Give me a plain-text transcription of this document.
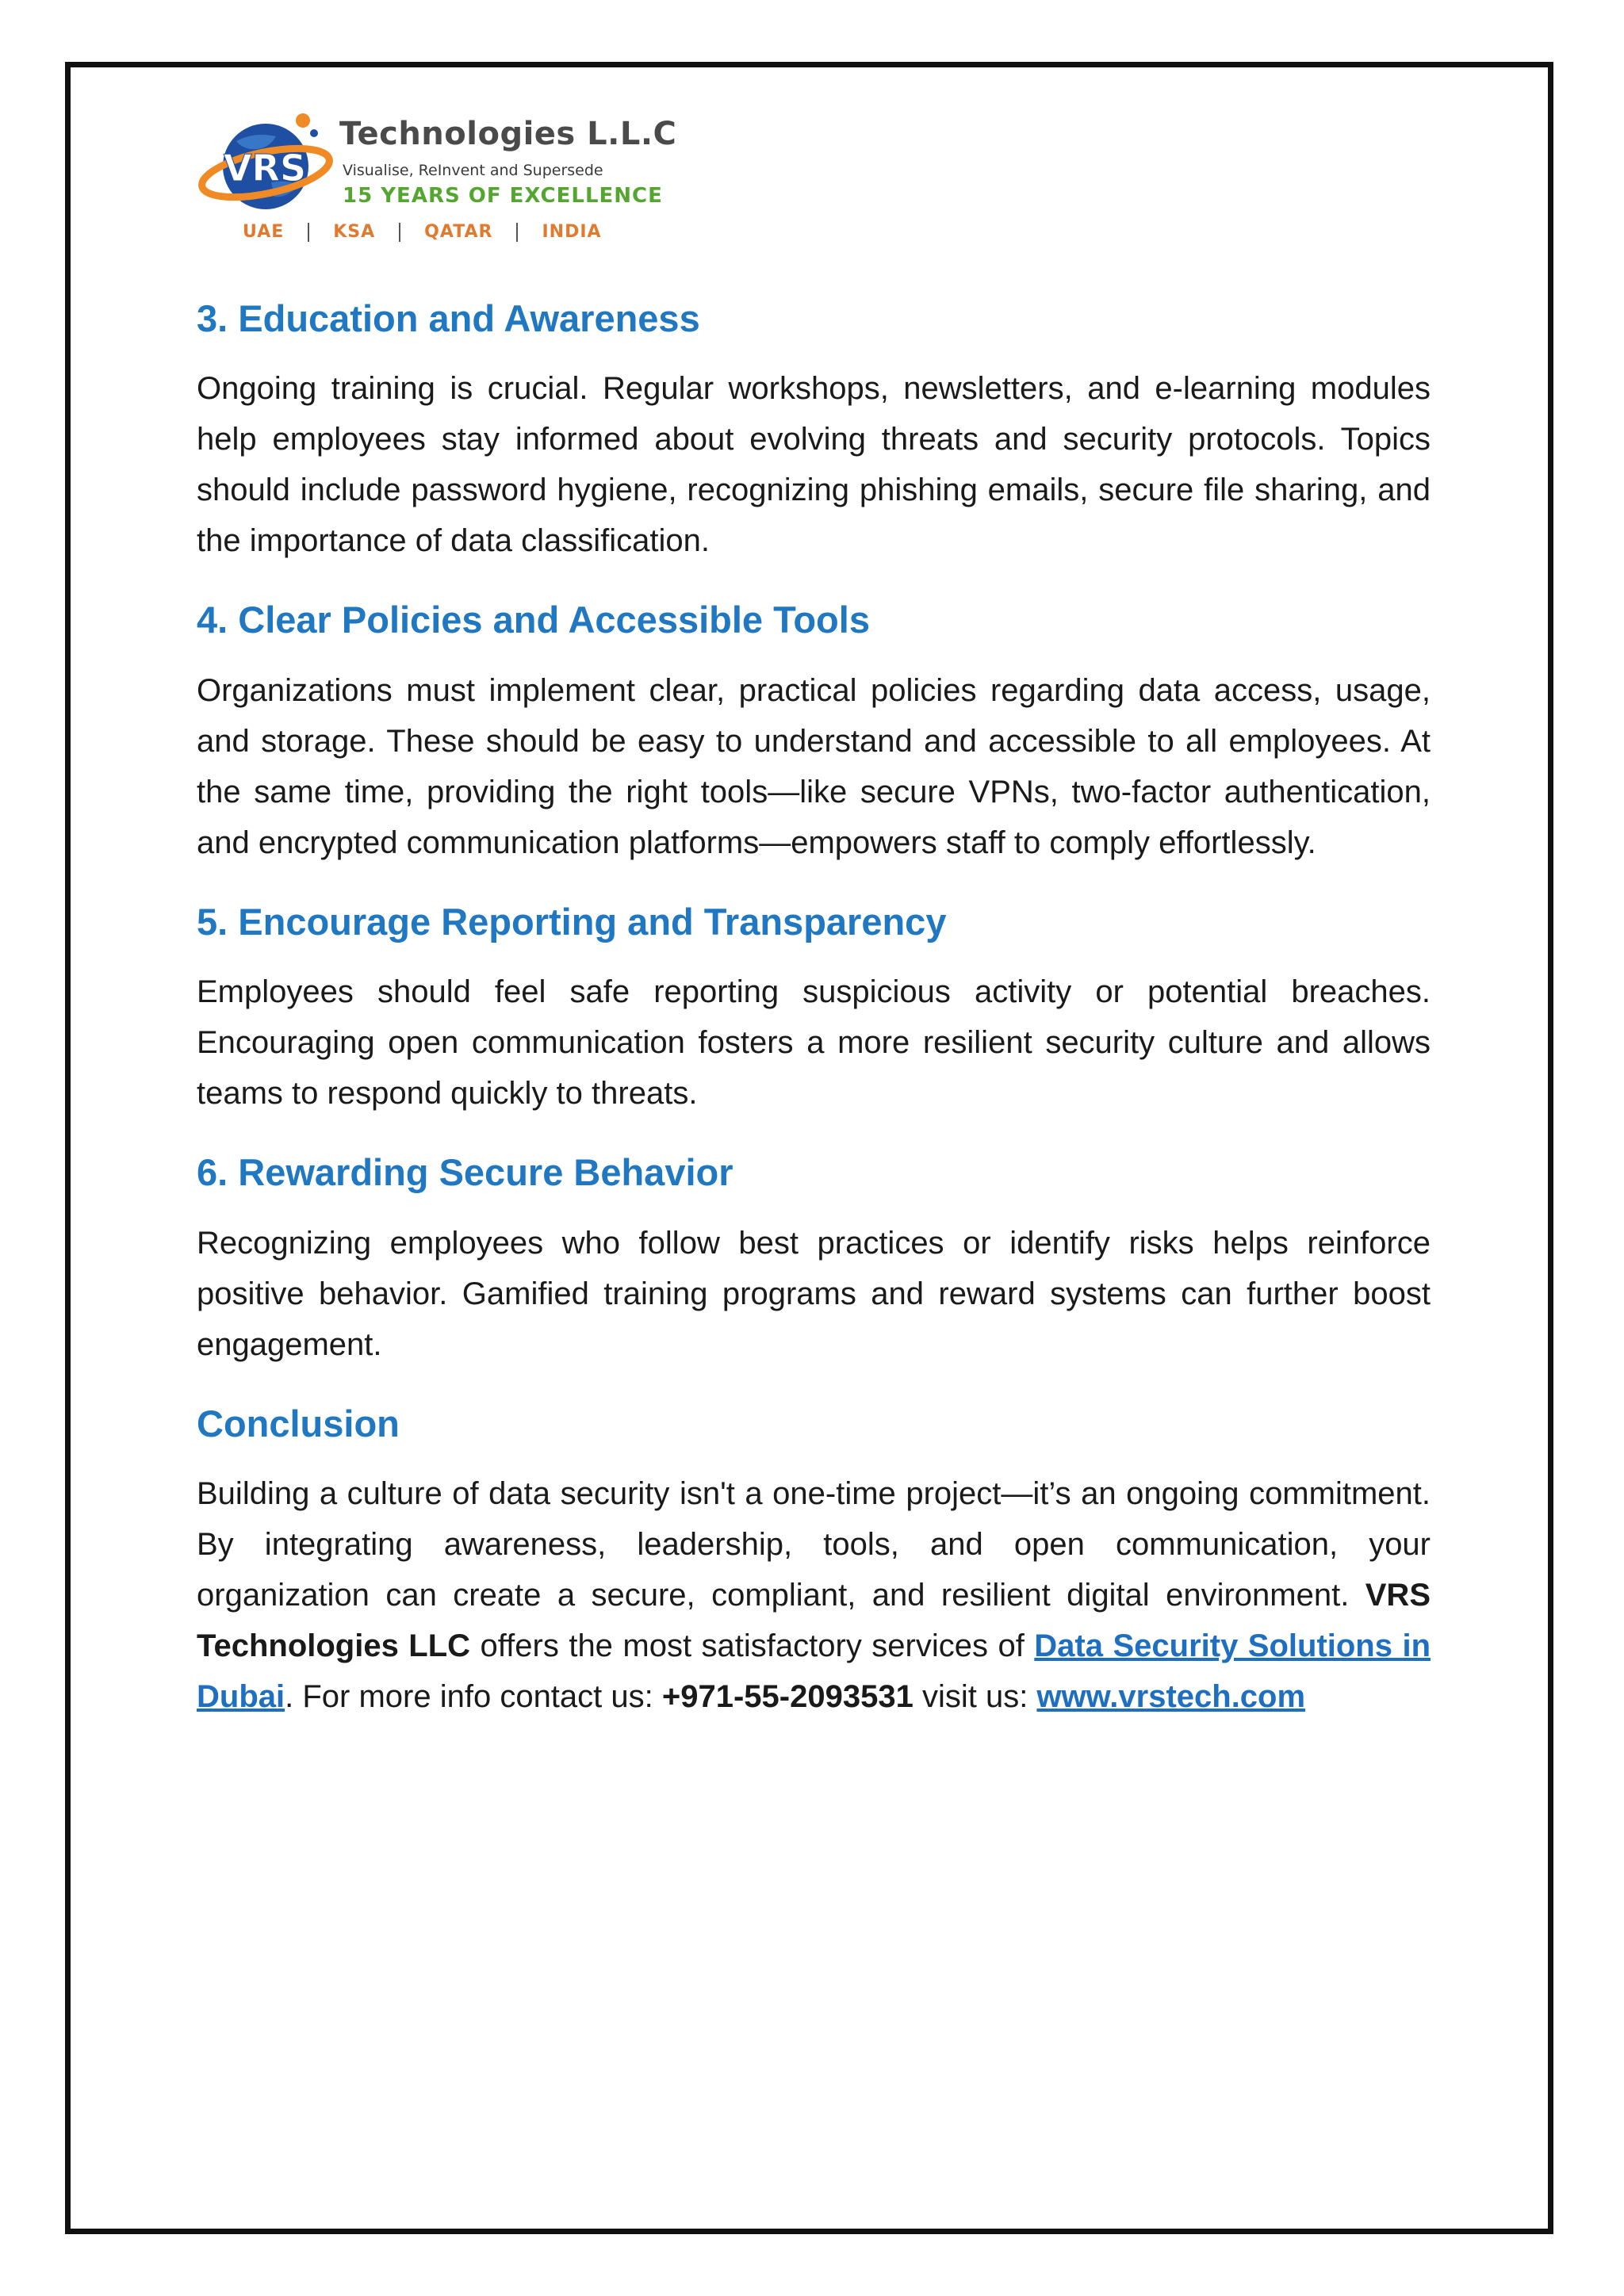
VRS
Technologies L.L.C
Visualise, ReInvent and Supersede
15 YEARS OF EXCELLENCE
UAE	KSA	QATAR	INDIA
3. Education and Awareness

Ongoing training is crucial. Regular workshops, newsletters, and e-learning modules help employees stay informed about evolving threats and security protocols. Topics should include password hygiene, recognizing phishing emails, secure file sharing, and the importance of data classification.

4. Clear Policies and Accessible Tools

Organizations must implement clear, practical policies regarding data access, usage, and storage. These should be easy to understand and accessible to all employees. At the same time, providing the right tools—like secure VPNs, two-factor authentication, and encrypted communication platforms—empowers staff to comply effortlessly.

5. Encourage Reporting and Transparency

Employees should feel safe reporting suspicious activity or potential breaches. Encouraging open communication fosters a more resilient security culture and allows teams to respond quickly to threats.

6. Rewarding Secure Behavior

Recognizing employees who follow best practices or identify risks helps reinforce positive behavior. Gamified training programs and reward systems can further boost engagement.

Conclusion

Building a culture of data security isn't a one-time project—it’s an ongoing commitment. By integrating awareness, leadership, tools, and open communication, your organization can create a secure, compliant, and resilient digital environment. VRS Technologies LLC offers the most satisfactory services of Data Security Solutions in Dubai. For more info contact us: +971-55-2093531 visit us: www.vrstech.com
